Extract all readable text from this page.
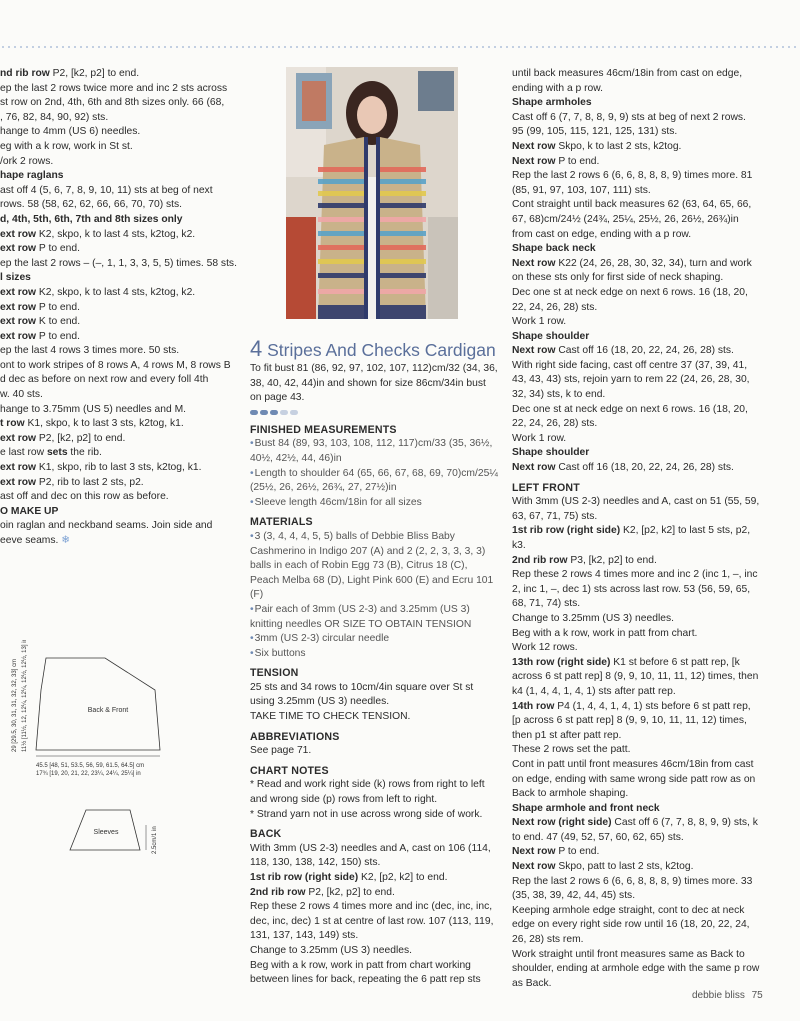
nd rib row P2, [k2, p2] to end.
ep the last 2 rows twice more and inc 2 sts across
st row on 2nd, 4th, 6th and 8th sizes only. 66 (68,
, 76, 82, 84, 90, 92) sts.
hange to 4mm (US 6) needles.
eg with a k row, work in St st.
/ork 2 rows.
hape raglans
ast off 4 (5, 6, 7, 8, 9, 10, 11) sts at beg of next
rows. 58 (58, 62, 62, 66, 66, 70, 70) sts.
d, 4th, 5th, 6th, 7th and 8th sizes only
ext row K2, skpo, k to last 4 sts, k2tog, k2.
ext row P to end.
ep the last 2 rows – (–, 1, 1, 3, 3, 5, 5) times. 58 sts.
l sizes
ext row K2, skpo, k to last 4 sts, k2tog, k2.
ext row P to end.
ext row K to end.
ext row P to end.
ep the last 4 rows 3 times more. 50 sts.
ont to work stripes of 8 rows A, 4 rows M, 8 rows B
d dec as before on next row and every foll 4th
w. 40 sts.
hange to 3.75mm (US 5) needles and M.
t row K1, skpo, k to last 3 sts, k2tog, k1.
ext row P2, [k2, p2] to end.
e last row sets the rib.
ext row K1, skpo, rib to last 3 sts, k2tog, k1.
ext row P2, rib to last 2 sts, p2.
ast off and dec on this row as before.
O MAKE UP
oin raglan and neckband seams. Join side and
eeve seams. ❄
Back & Front
45.5 [48, 51, 53.5, 56, 59, 61.5, 64.5] cm
17¾ [19, 20, 21, 22, 23¼, 24¼, 25¼] in
29 [29.5, 30, 31, 31, 32, 32, 33] cm 11½ [11½, 12, 12¼, 12¼, 12½, 12½, 13] in
Sleeves	2.5cm/1 in
4 Stripes And Checks Cardigan

To fit bust 81 (86, 92, 97, 102, 107, 112)cm/32 (34, 36, 38, 40, 42, 44)in and shown for size 86cm/34in bust on page 43.

FINISHED MEASUREMENTS
• Bust 84 (89, 93, 103, 108, 112, 117)cm/33 (35, 36½, 40½, 42½, 44, 46)in
• Length to shoulder 64 (65, 66, 67, 68, 69, 70)cm/25¼ (25½, 26, 26½, 26¾, 27, 27½)in
• Sleeve length 46cm/18in for all sizes
MATERIALS
• 3 (3, 4, 4, 4, 5, 5) balls of Debbie Bliss Baby Cashmerino in Indigo 207 (A) and 2 (2, 2, 3, 3, 3, 3) balls in each of Robin Egg 73 (B), Citrus 18 (C), Peach Melba 68 (D), Light Pink 600 (E) and Ecru 101 (F)
• Pair each of 3mm (US 2-3) and 3.25mm (US 3) knitting needles OR SIZE TO OBTAIN TENSION
• 3mm (US 2-3) circular needle
• Six buttons
TENSION
25 sts and 34 rows to 10cm/4in square over St st using 3.25mm (US 3) needles.
TAKE TIME TO CHECK TENSION.
ABBREVIATIONS
See page 71.
CHART NOTES
* Read and work right side (k) rows from right to left and wrong side (p) rows from left to right.
* Strand yarn not in use across wrong side of work.
BACK
With 3mm (US 2-3) needles and A, cast on 106 (114, 118, 130, 138, 142, 150) sts.
1st rib row (right side) K2, [p2, k2] to end.
2nd rib row P2, [k2, p2] to end.
Rep these 2 rows 4 times more and inc (dec, inc, inc, dec, inc, dec) 1 st at centre of last row. 107 (113, 119, 131, 137, 143, 149) sts.
Change to 3.25mm (US 3) needles.
Beg with a k row, work in patt from chart working between lines for back, repeating the 6 patt rep sts
until back measures 46cm/18in from cast on edge, ending with a p row.
Shape armholes
Cast off 6 (7, 7, 8, 8, 9, 9) sts at beg of next 2 rows. 95 (99, 105, 115, 121, 125, 131) sts.
Next row Skpo, k to last 2 sts, k2tog.
Next row P to end.
Rep the last 2 rows 6 (6, 6, 8, 8, 8, 9) times more. 81 (85, 91, 97, 103, 107, 111) sts.
Cont straight until back measures 62 (63, 64, 65, 66, 67, 68)cm/24½ (24¾, 25¼, 25½, 26, 26½, 26¾)in from cast on edge, ending with a p row.
Shape back neck
Next row K22 (24, 26, 28, 30, 32, 34), turn and work on these sts only for first side of neck shaping.
Dec one st at neck edge on next 6 rows. 16 (18, 20, 22, 24, 26, 28) sts.
Work 1 row.
Shape shoulder
Next row Cast off 16 (18, 20, 22, 24, 26, 28) sts.
With right side facing, cast off centre 37 (37, 39, 41, 43, 43, 43) sts, rejoin yarn to rem 22 (24, 26, 28, 30, 32, 34) sts, k to end.
Dec one st at neck edge on next 6 rows. 16 (18, 20, 22, 24, 26, 28) sts.
Work 1 row.
Shape shoulder
Next row Cast off 16 (18, 20, 22, 24, 26, 28) sts.
LEFT FRONT
With 3mm (US 2-3) needles and A, cast on 51 (55, 59, 63, 67, 71, 75) sts.
1st rib row (right side) K2, [p2, k2] to last 5 sts, p2, k3.
2nd rib row P3, [k2, p2] to end.
Rep these 2 rows 4 times more and inc 2 (inc 1, –, inc 2, inc 1, –, dec 1) sts across last row. 53 (56, 59, 65, 68, 71, 74) sts.
Change to 3.25mm (US 3) needles.
Beg with a k row, work in patt from chart.
Work 12 rows.
13th row (right side) K1 st before 6 st patt rep, [k across 6 st patt rep] 8 (9, 9, 10, 11, 11, 12) times, then k4 (1, 4, 4, 1, 4, 1) sts after patt rep.
14th row P4 (1, 4, 4, 1, 4, 1) sts before 6 st patt rep, [p across 6 st patt rep] 8 (9, 9, 10, 11, 11, 12) times, then p1 st after patt rep.
These 2 rows set the patt.
Cont in patt until front measures 46cm/18in from cast on edge, ending with same wrong side patt row as on Back to armhole shaping.
Shape armhole and front neck
Next row (right side) Cast off 6 (7, 7, 8, 8, 9, 9) sts, k to end. 47 (49, 52, 57, 60, 62, 65) sts.
Next row P to end.
Next row Skpo, patt to last 2 sts, k2tog.
Rep the last 2 rows 6 (6, 6, 8, 8, 8, 9) times more. 33 (35, 38, 39, 42, 44, 45) sts.
Keeping armhole edge straight, cont to dec at neck edge on every right side row until 16 (18, 20, 22, 24, 26, 28) sts rem.
Work straight until front measures same as Back to shoulder, ending at armhole edge with the same p row as Back.
debbie bliss 75
